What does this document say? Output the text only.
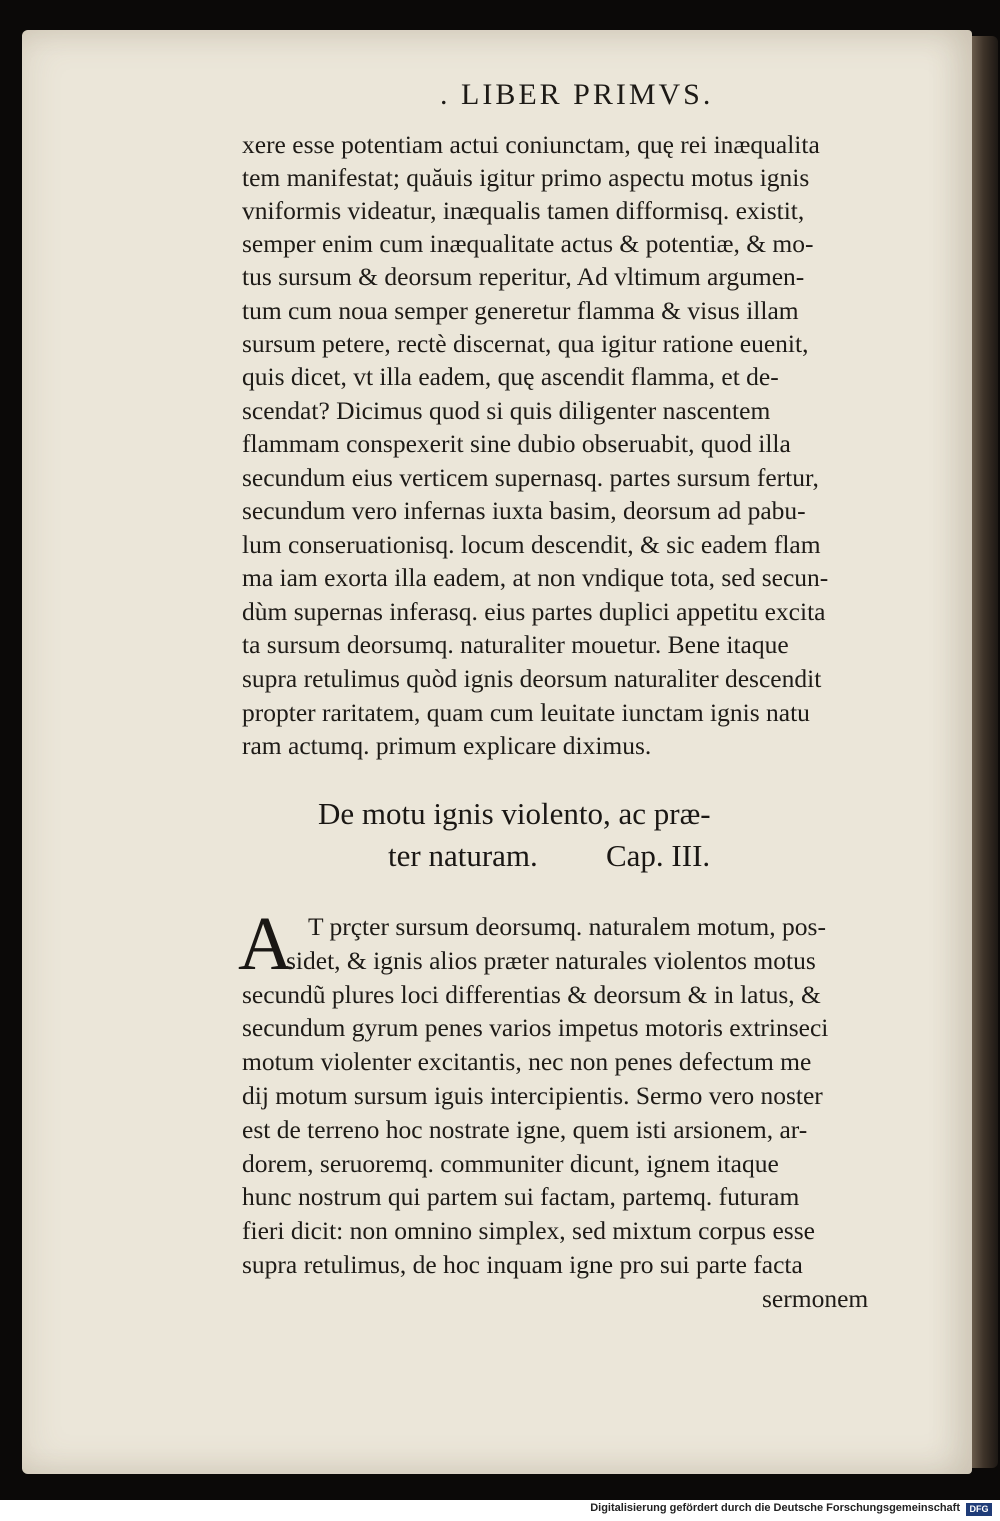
. LIBER PRIMVS.
xere esse potentiam actui coniunctam, quę rei inæqualita
tem manifestat; quăuis igitur primo aspectu motus ignis
vniformis videatur, inæqualis tamen difformisq. existit,
semper enim cum inæqualitate actus & potentiæ, & mo-
tus sursum & deorsum reperitur, Ad vltimum argumen-
tum cum noua semper generetur flamma & visus illam
sursum petere, rectè discernat, qua igitur ratione euenit,
quis dicet, vt illa eadem, quę ascendit flamma, et de-
scendat? Dicimus quod si quis diligenter nascentem
flammam conspexerit sine dubio obseruabit, quod illa
secundum eius verticem supernasq. partes sursum fertur,
secundum vero infernas iuxta basim, deorsum ad pabu-
lum conseruationisq. locum descendit, & sic eadem flam
ma iam exorta illa eadem, at non vndique tota, sed secun-
dùm supernas inferasq. eius partes duplici appetitu excita
ta sursum deorsumq. naturaliter mouetur. Bene itaque
supra retulimus quòd ignis deorsum naturaliter descendit
propter raritatem, quam cum leuitate iunctam ignis natu
ram actumq. primum explicare diximus.
De motu ignis violento, ac præ-
ter naturam. Cap. III.
A T prçter sursum deorsumq. naturalem motum, pos-
sidet, & ignis alios præter naturales violentos motus
secundũ plures loci differentias & deorsum & in latus, &
secundum gyrum penes varios impetus motoris extrinseci
motum violenter excitantis, nec non penes defectum me
dij motum sursum iguis intercipientis. Sermo vero noster
est de terreno hoc nostrate igne, quem isti arsionem, ar-
dorem, seruoremq. communiter dicunt, ignem itaque
hunc nostrum qui partem sui factam, partemq. futuram
fieri dicit: non omnino simplex, sed mixtum corpus esse
supra retulimus, de hoc inquam igne pro sui parte facta
sermonem
Digitalisierung gefördert durch die Deutsche Forschungsgemeinschaft	DFG
